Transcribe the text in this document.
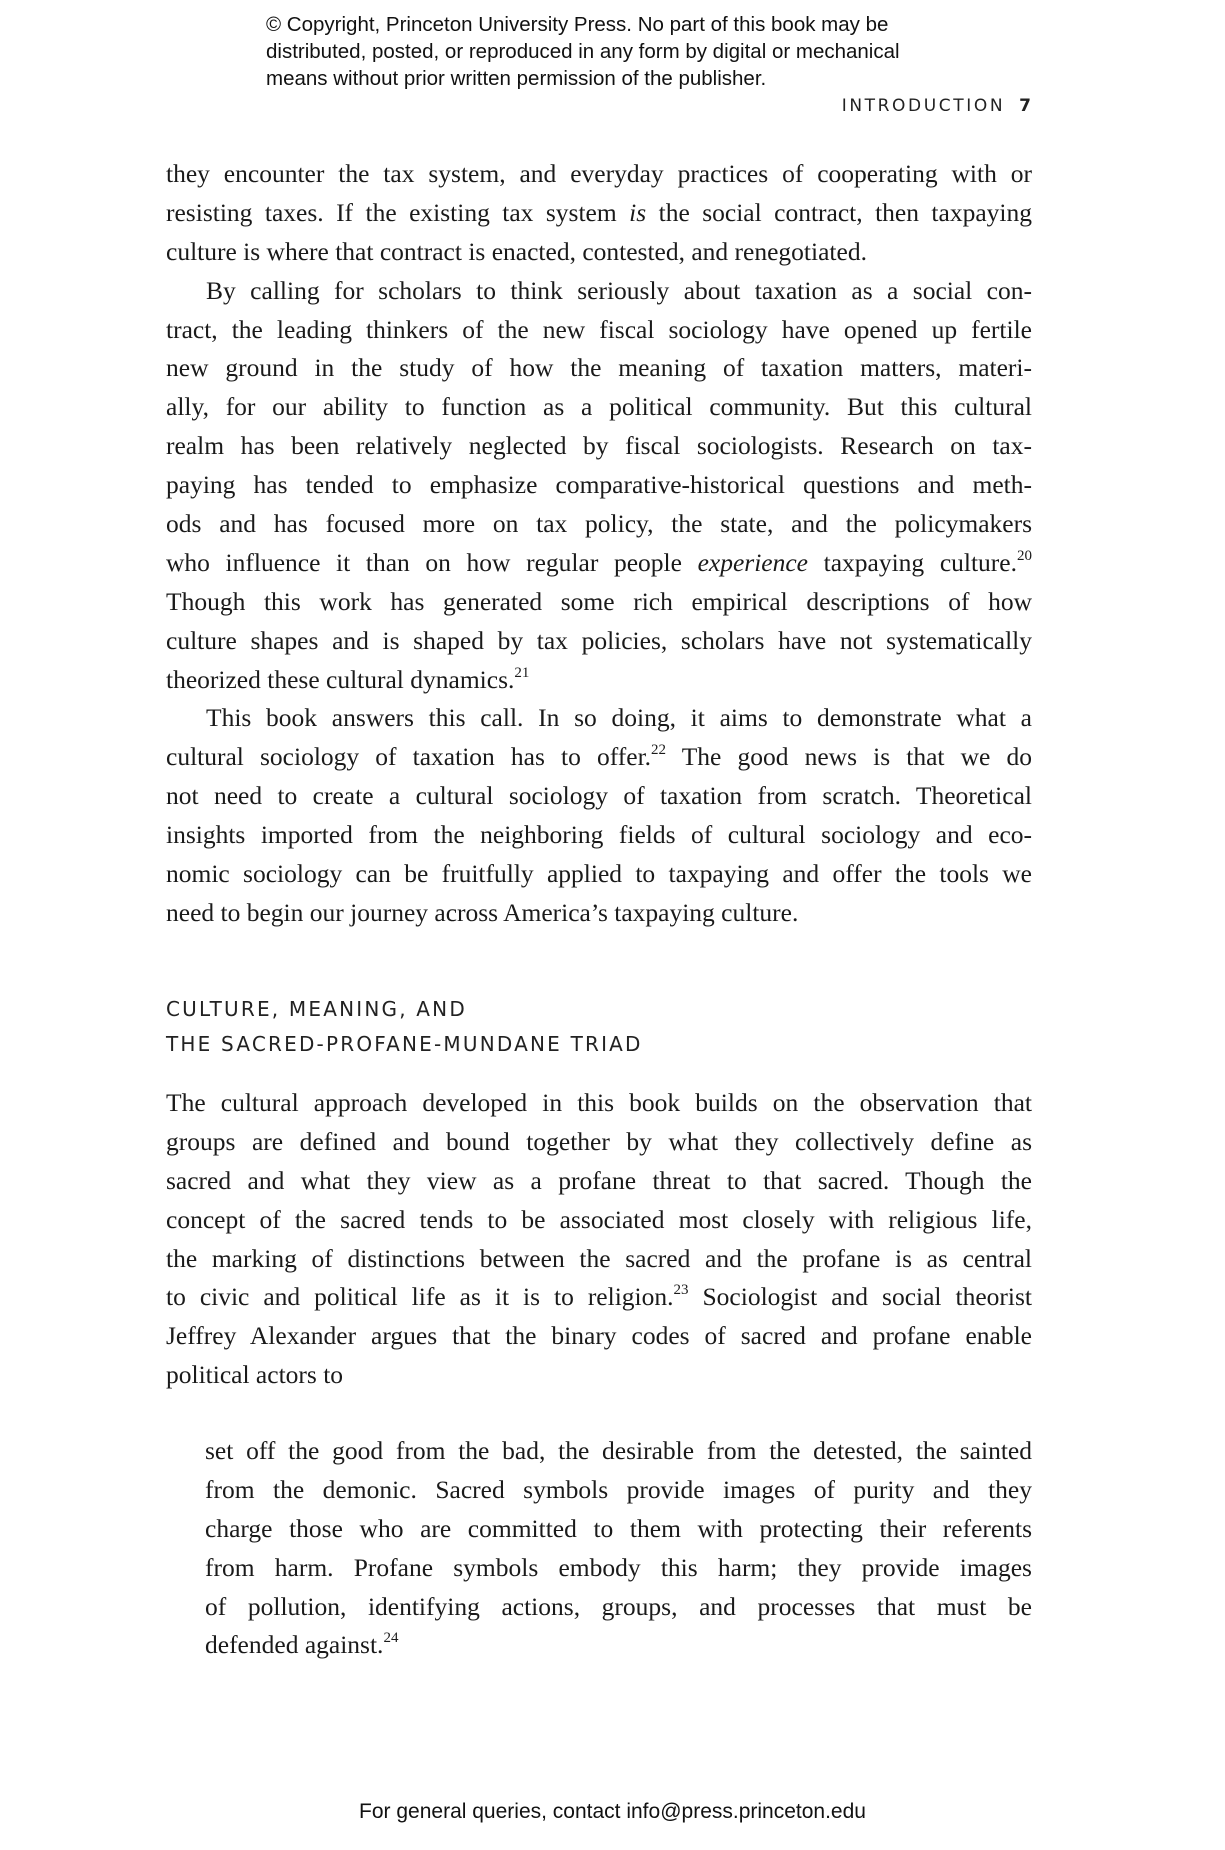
© Copyright, Princeton University Press. No part of this book may be
distributed, posted, or reproduced in any form by digital or mechanical
means without prior written permission of the publisher.
INTRODUCTION 7
they encounter the tax system, and everyday practices of cooperating with or
resisting taxes. If the existing tax system is the social contract, then taxpaying
culture is where that contract is enacted, contested, and renegotiated.
By calling for scholars to think seriously about taxation as a social con-
tract, the leading thinkers of the new fiscal sociology have opened up fertile
new ground in the study of how the meaning of taxation matters, materi-
ally, for our ability to function as a political community. But this cultural
realm has been relatively neglected by fiscal sociologists. Research on tax-
paying has tended to emphasize comparative-historical questions and meth-
ods and has focused more on tax policy, the state, and the policymakers
who influence it than on how regular people experience taxpaying culture.$^{20}$
Though this work has generated some rich empirical descriptions of how
culture shapes and is shaped by tax policies, scholars have not systematically
theorized these cultural dynamics.$^{21}$
This book answers this call. In so doing, it aims to demonstrate what a
cultural sociology of taxation has to offer.$^{22}$ The good news is that we do
not need to create a cultural sociology of taxation from scratch. Theoretical
insights imported from the neighboring fields of cultural sociology and eco-
nomic sociology can be fruitfully applied to taxpaying and offer the tools we
need to begin our journey across America’s taxpaying culture.
CULTURE, MEANING, AND
THE SACRED-PROFANE-MUNDANE TRIAD
The cultural approach developed in this book builds on the observation that
groups are defined and bound together by what they collectively define as
sacred and what they view as a profane threat to that sacred. Though the
concept of the sacred tends to be associated most closely with religious life,
the marking of distinctions between the sacred and the profane is as central
to civic and political life as it is to religion.$^{23}$ Sociologist and social theorist
Jeffrey Alexander argues that the binary codes of sacred and profane enable
political actors to
set off the good from the bad, the desirable from the detested, the sainted
from the demonic. Sacred symbols provide images of purity and they
charge those who are committed to them with protecting their referents
from harm. Profane symbols embody this harm; they provide images
of pollution, identifying actions, groups, and processes that must be
defended against.$^{24}$
For general queries, contact info@press.princeton.edu
